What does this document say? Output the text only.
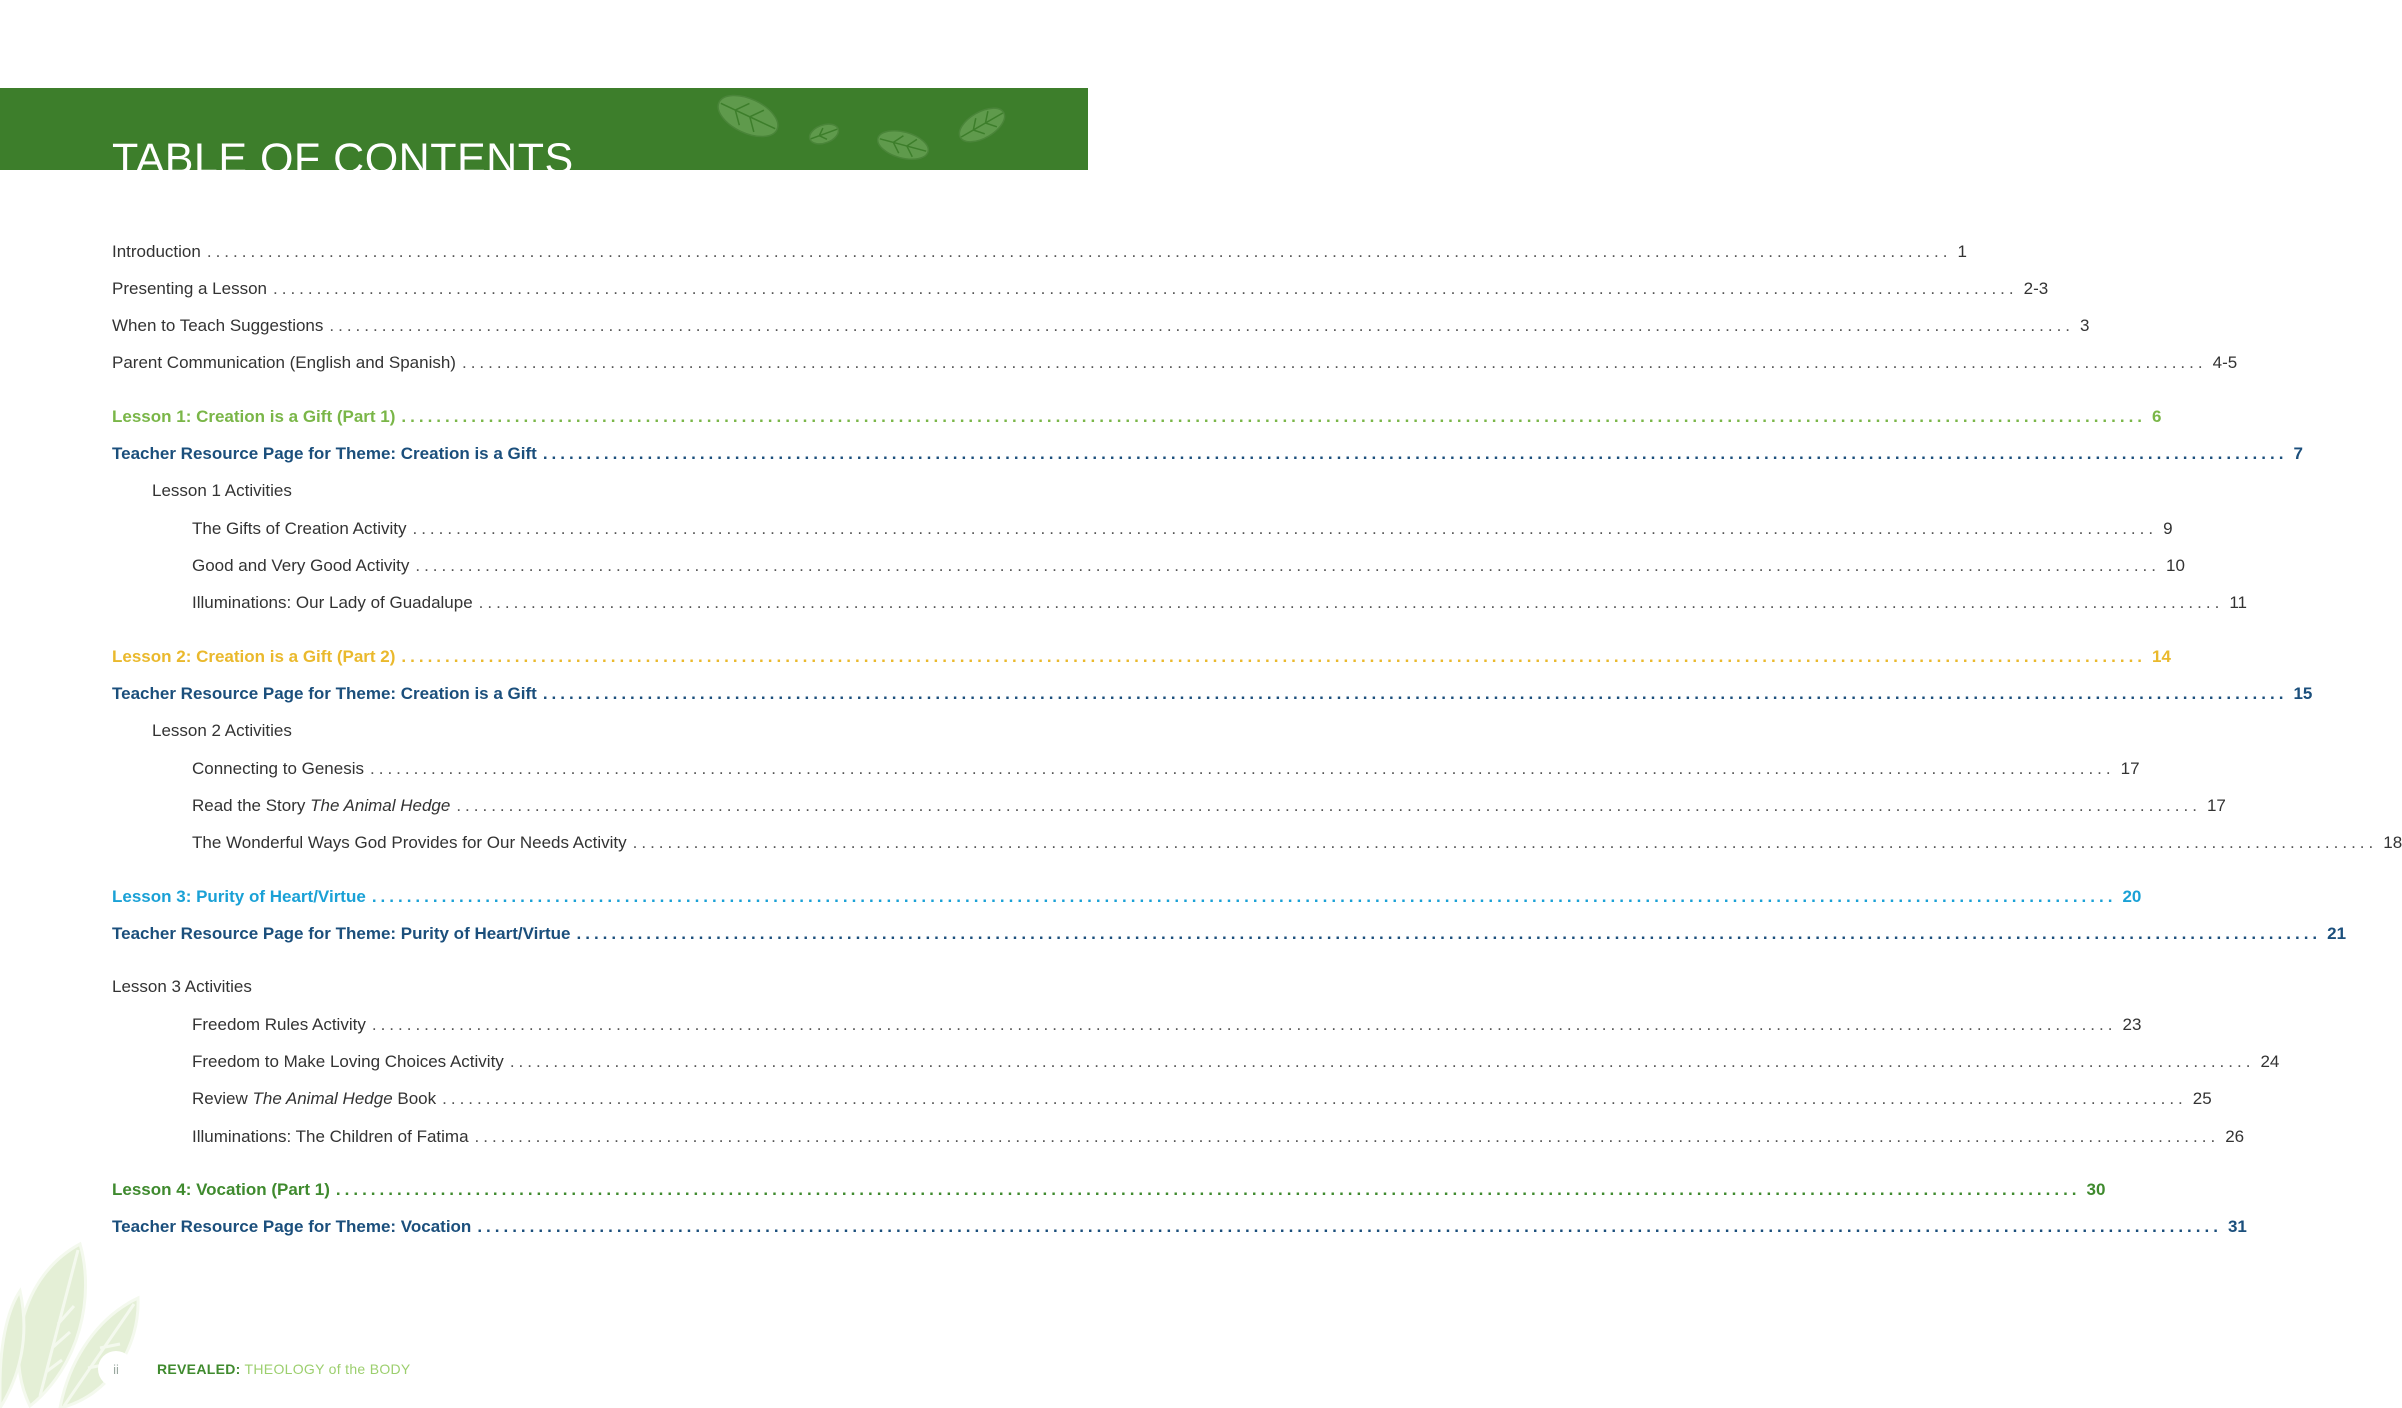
TABLE OF CONTENTS
Introduction ........................................................................................................................................................................................................ 1
Presenting a Lesson ........................................................................................................................................................................................................ 2-3
When to Teach Suggestions ........................................................................................................................................................................................................ 3
Parent Communication (English and Spanish) ........................................................................................................................................................................................................ 4-5
Lesson 1: Creation is a Gift (Part 1) ........................................................................................................................................................................................................ 6
Teacher Resource Page for Theme: Creation is a Gift ........................................................................................................................................................................................................ 7
Lesson 1 Activities
The Gifts of Creation Activity ........................................................................................................................................................................................................ 9
Good and Very Good Activity ........................................................................................................................................................................................................ 10
Illuminations: Our Lady of Guadalupe ........................................................................................................................................................................................................ 11
Lesson 2: Creation is a Gift (Part 2) ........................................................................................................................................................................................................ 14
Teacher Resource Page for Theme: Creation is a Gift ........................................................................................................................................................................................................ 15
Lesson 2 Activities
Connecting to Genesis ........................................................................................................................................................................................................ 17
Read the Story The Animal Hedge ........................................................................................................................................................................................................ 17
The Wonderful Ways God Provides for Our Needs Activity ........................................................................................................................................................................................................ 18
Lesson 3: Purity of Heart/Virtue ........................................................................................................................................................................................................ 20
Teacher Resource Page for Theme: Purity of Heart/Virtue ........................................................................................................................................................................................................ 21
Lesson 3 Activities
Freedom Rules Activity ........................................................................................................................................................................................................ 23
Freedom to Make Loving Choices Activity ........................................................................................................................................................................................................ 24
Review The Animal Hedge Book ........................................................................................................................................................................................................ 25
Illuminations: The Children of Fatima ........................................................................................................................................................................................................ 26
Lesson 4: Vocation (Part 1) ........................................................................................................................................................................................................ 30
Teacher Resource Page for Theme: Vocation ........................................................................................................................................................................................................ 31
ii	REVEALED: THEOLOGY of the BODY
